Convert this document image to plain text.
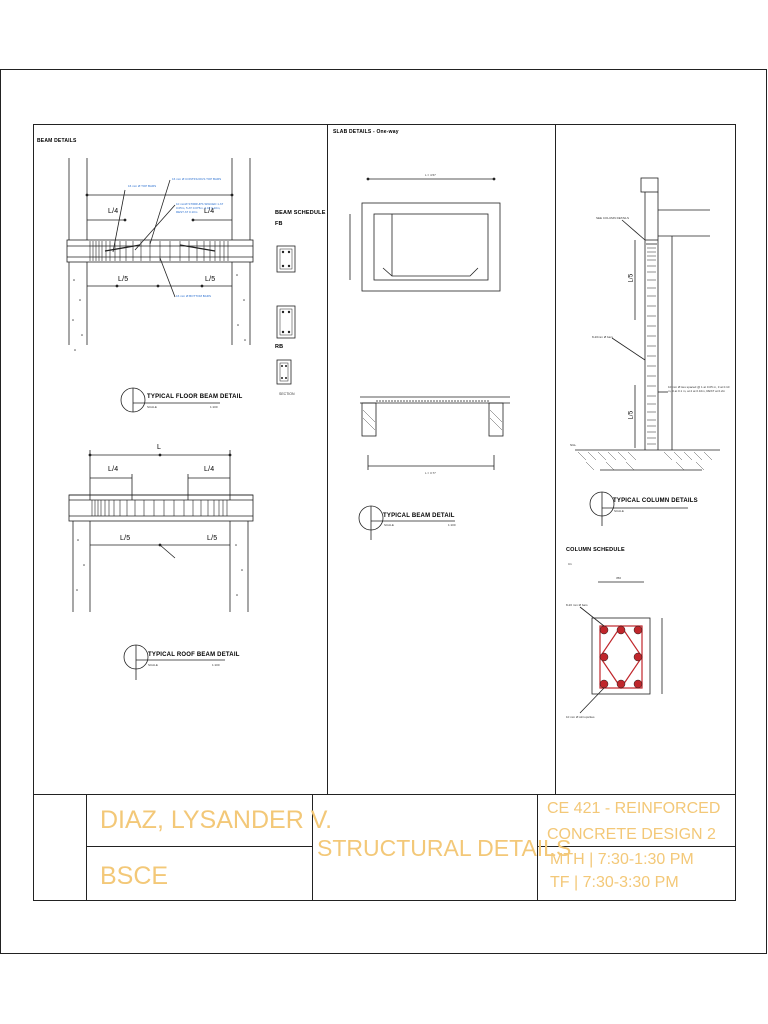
BEAM DETAILS
SLAB DETAILS - One-way
BEAM SCHEDULE
FB
RB
SECTION
COLUMN SCHEDULE
L/4	L/4
L/5	L/5
16 mm Ø TOP BARS
16 mm Ø CONTINUOUS TOP BARS
10 mmØ STIRRUPS SPACED 1 AT 0.05m, 5 AT 0.075m, 3 AT 0.10m, REST AT 0.10m
16 mm Ø BOTTOM BARS
TYPICAL FLOOR BEAM DETAIL
SCALE	1:100
L
L/4	L/4
L/5	L/5
TYPICAL ROOF BEAM DETAIL
SCALE	1:100
L = 4.57
L = 3.77
TYPICAL BEAM DETAIL
SCALE	1:100
SEE COLUMN DETAILS
L/5
L/5
8-20mm Ø bars
10 mm Ø ties spaced @ 1 at 0.05 m, 3 at 0.10 m, 3 at 0.1 m, at 2 at 0.10m, REST at 0.2m
NGL
TYPICAL COLUMN DETAILS
SCALE
C1
350
8-20 mm Ø bars
10 mm Ø stirrups/ties
DIAZ, LYSANDER V.
BSCE
STRUCTURAL DETAILS
CE 421 - REINFORCED
CONCRETE DESIGN 2
MTH | 7:30-1:30 PM
TF | 7:30-3:30 PM
